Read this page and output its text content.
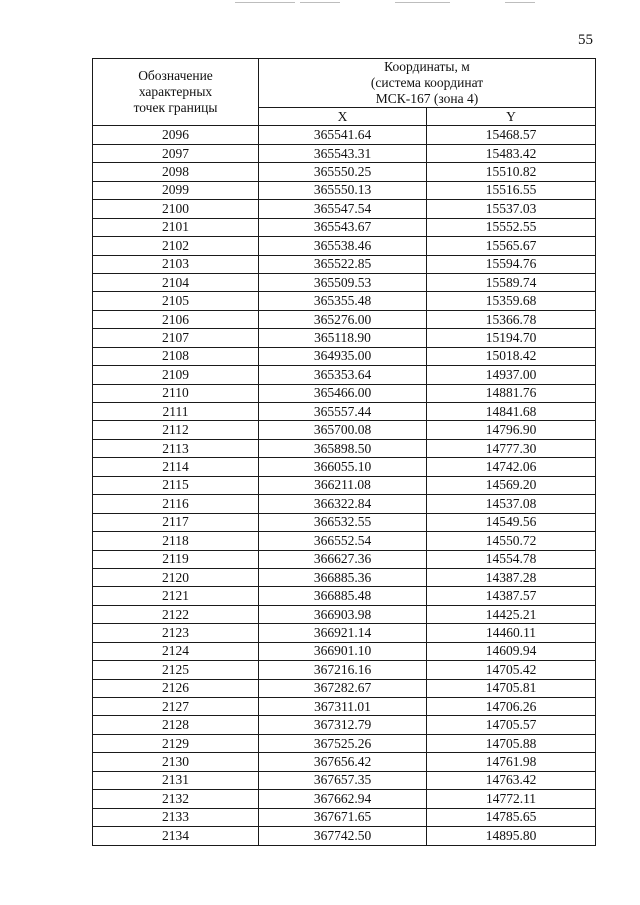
55
Обозначение
характерных
точек границы	Координаты, м
(система координат
МСК-167 (зона 4)	

	X	Y
2096	365541.64	15468.57
2097	365543.31	15483.42
2098	365550.25	15510.82
2099	365550.13	15516.55
2100	365547.54	15537.03
2101	365543.67	15552.55
2102	365538.46	15565.67
2103	365522.85	15594.76
2104	365509.53	15589.74
2105	365355.48	15359.68
2106	365276.00	15366.78
2107	365118.90	15194.70
2108	364935.00	15018.42
2109	365353.64	14937.00
2110	365466.00	14881.76
2111	365557.44	14841.68
2112	365700.08	14796.90
2113	365898.50	14777.30
2114	366055.10	14742.06
2115	366211.08	14569.20
2116	366322.84	14537.08
2117	366532.55	14549.56
2118	366552.54	14550.72
2119	366627.36	14554.78
2120	366885.36	14387.28
2121	366885.48	14387.57
2122	366903.98	14425.21
2123	366921.14	14460.11
2124	366901.10	14609.94
2125	367216.16	14705.42
2126	367282.67	14705.81
2127	367311.01	14706.26
2128	367312.79	14705.57
2129	367525.26	14705.88
2130	367656.42	14761.98
2131	367657.35	14763.42
2132	367662.94	14772.11
2133	367671.65	14785.65
2134	367742.50	14895.80
